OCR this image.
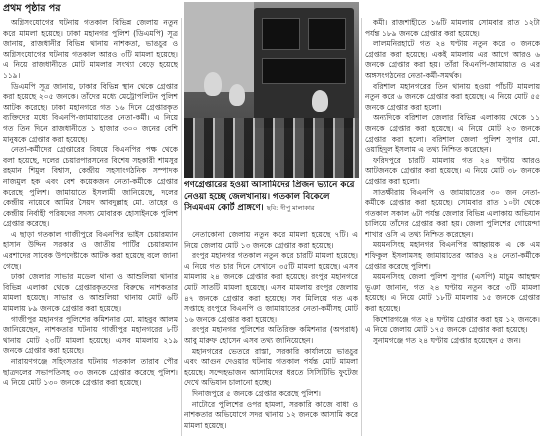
প্রথম পৃষ্ঠার পর

অগ্নিসংযোগের ঘটনায় গতকাল বিভিন্ন জেলায় নতুন করে মামলা হয়েছে। ঢাকা মহানগর পুলিশ (ডিএমপি) সূত্র জানায়, রাজধানীর বিভিন্ন থানায় নাশকতা, ভাঙচুর ও অগ্নিসংযোগের ঘটনায় গতকাল আরও ৩টি মামলা হয়েছে। এ নিয়ে রাজধানীতে মোট মামলার সংখ্যা বেড়ে হয়েছে ১১৯।

ডিএমপি সূত্র জানায়, ঢাকার বিভিন্ন স্থান থেকে গ্রেপ্তার করা হয়েছে ২০৫ জনকে। তাঁদের মধ্যে মেট্রোপলিটন পুলিশ আটক করেছে। ঢাকা মহানগরে গত ১৬ দিনে গ্রেপ্তারকৃত ব্যক্তিদের মধ্যে বিএনপি-জামায়াতের নেতা-কর্মী। এ নিয়ে গত তিন দিনে রাজধানীতে ১ হাজার ৩০০ জনের বেশি মানুষকে গ্রেপ্তার করা হয়েছে।

নেতা-কর্মীদের গ্রেপ্তারের বিষয়ে বিএনপির পক্ষ থেকে বলা হয়েছে, দলের চেয়ারপারসনের বিশেষ সহকারী শামসুর রহমান শিমুল বিশ্বাস, কেন্দ্রীয় সহসাংগঠনিক সম্পাদক নাজমুল হক এবং বেশ কয়েকজন নেতা-কর্মীকে গ্রেপ্তার করেছে পুলিশ। জামায়াতে ইসলামী জানিয়েছে, দলের কেন্দ্রীয় নায়েবে আমির সৈয়দ আবদুল্লাহ মো. তাহের ও কেন্দ্রীয় নির্বাহী পরিষদের সদস্য মোবারক হোসাইনকে পুলিশ গ্রেপ্তার করেছে।

এ ছাড়া গতকাল গাজীপুরে বিএনপির ভাইস চেয়ারম্যান হাসান উদ্দিন সরকার ও জাতীয় পার্টির চেয়ারম্যান এরশাদের সাবেক উপদেষ্টাকে আটক করা হয়েছে বলে জানা গেছে।

ঢাকা জেলার সাভার মডেল থানা ও আশুলিয়া থানার বিভিন্ন এলাকা থেকে গ্রেপ্তারকৃতদের বিরুদ্ধে নাশকতার মামলা হয়েছে। সাভার ও আশুলিয়া থানায় মোট ৬টি মামলায় ৮৯ জনকে গ্রেপ্তার করা হয়েছে।

গাজীপুর মহানগর পুলিশের কমিশনার মো. মাহবুব আলম জানিয়েছেন, নাশকতার ঘটনায় গাজীপুর মহানগরের ৮টি থানায় মোট ২৩টি মামলা হয়েছে। এসব মামলায় ২১৯ জনকে গ্রেপ্তার করা হয়েছে।

নারায়ণগঞ্জে সহিংসতার ঘটনায় গতকাল তারাব পৌর ছাত্রদলের সভাপতিসহ ৩৩ জনকে গ্রেপ্তার করেছে পুলিশ। এ নিয়ে মোট ১৩০ জনকে গ্রেপ্তার করা হয়েছে।

গণগ্রেপ্তারের হওয়া আসামিদের প্রিজন ভ্যানে করে নেওয়া হচ্ছে জেলখানায়। গতকাল বিকেলে সিএমএম কোর্ট প্রাঙ্গণে। ছবি: দীপু মালাকার

নেতাকোনা জেলায় নতুন করে মামলা হয়েছে ৭টি। এ নিয়ে জেলায় মোট ১৩ জনকে গ্রেপ্তার করা হয়েছে।

রংপুর মহানগর গতকাল নতুন করে চারটি মামলা হয়েছে। এ নিয়ে গত চার দিনে সেখানে ৩৫টি মামলা হয়েছে। এসব মামলায় ২৪ জনকে গ্রেপ্তার করা হয়েছে। রংপুর মহানগরে মোট সাতটি মামলা হয়েছে। এসব মামলায় রংপুর জেলায় ৪৭ জনকে গ্রেপ্তার করা হয়েছে। সব মিলিয়ে গত এক সপ্তাহে রংপুরে বিএনপি ও জামায়াতের নেতা-কর্মীসহ মোট ১৬ জনকে গ্রেপ্তার করা হয়েছে।

রংপুর মহানগর পুলিশের অতিরিক্ত কমিশনার (অপরাধ) আবু মারুফ হোসেন এসব তথ্য জানিয়েছেন।

মহানগরের ভেতরে রাস্তা, সরকারি কার্যালয়ে ভাঙচুর এবং আগুন দেওয়ার ঘটনায় গতকাল পর্যন্ত মোট মামলা হয়েছে। সন্দেহভাজন আসামিদের ধরতে সিসিটিভি ফুটেজ দেখে অভিযান চালানো হচ্ছে।

দিনাজপুরে ৫ জনকে গ্রেপ্তার করেছে পুলিশ।

নাটোরে পুলিশের ওপর হামলা, সরকারি কাজে বাধা ও নাশকতার অভিযোগে সদর থানায় ১২ জনকে আসামি করে মামলা হয়েছে।

কমী। রাজশাহীতে ১৬টি মামলায় সোমবার রাত ১২টা পর্যন্ত ১৮৯ জনকে গ্রেপ্তার করা হয়েছে।

লালমনিরহাটে গত ২৪ ঘণ্টায় নতুন করে ৩ জনকে গ্রেপ্তার করা হয়েছে। একই মামলায় এর আগে আরও ৬ জনকে গ্রেপ্তার করা হয়। তাঁরা বিএনপি-জামায়াত ও এর অঙ্গসংগঠনের নেতা-কর্মী-সমর্থক।

বরিশাল মহানগরের তিন থানায় হওয়া পাঁচটি মামলায় নতুন করে ৬ জনকে গ্রেপ্তার করা হয়েছে। এ নিয়ে মোট ৫৫ জনকে গ্রেপ্তার করা হলো।

অন্যদিকে বরিশাল জেলার বিভিন্ন এলাকায় থেকে ১১ জনকে গ্রেপ্তার করা হয়েছে। এ নিয়ে মোট ২৩ জনকে গ্রেপ্তার করা হলো। বরিশাল জেলা পুলিশ সুপার মো. ওয়াহিদুল ইসলাম এ তথ্য নিশ্চিত করেছেন।

ফরিদপুরে চারটি মামলায় গত ২৪ ঘণ্টায় আরও আটজনকে গ্রেপ্তার করা হয়েছে। এ নিয়ে মোট ৩৮ জনকে গ্রেপ্তার করা হলো।

সাতক্ষীরায় বিএনপি ও জামায়াতের ৩০ জন নেতা-কর্মীকে গ্রেপ্তার করা হয়েছে। সোমবার রাত ১০টা থেকে গতকাল সকাল ৬টা পর্যন্ত জেলার বিভিন্ন এলাকায় অভিযান চালিয়ে তাঁদের গ্রেপ্তার করা হয়। জেলা পুলিশের গোয়েন্দা শাখার ওসি এ তথ্য নিশ্চিত করেছেন।

ময়মনসিংহ মহানগর বিএনপির আহ্বায়ক এ কে এম শফিকুল ইসলামসহ জামায়াতের আরও ২৪ নেতা-কর্মীকে গ্রেপ্তার করেছে পুলিশ।

ময়মনসিংহ জেলা পুলিশ সুপার (এসপি) মাচুম আহম্মদ ভূঞা জানান, গত ২৪ ঘণ্টায় নতুন করে ৩টি মামলা হয়েছে। এ নিয়ে মোট ১৮টি মামলায় ১৫ জনকে গ্রেপ্তার করা হয়েছে।

কিশোরগঞ্জে গত ২৪ ঘণ্টায় গ্রেপ্তার করা হয় ১২ জনকে। এ নিয়ে জেলায় মোট ১৭৫ জনকে গ্রেপ্তার করা হয়েছে।

সুনামগঞ্জে গত ২৪ ঘণ্টায় গ্রেপ্তার হয়েছেন ৫ জন।
